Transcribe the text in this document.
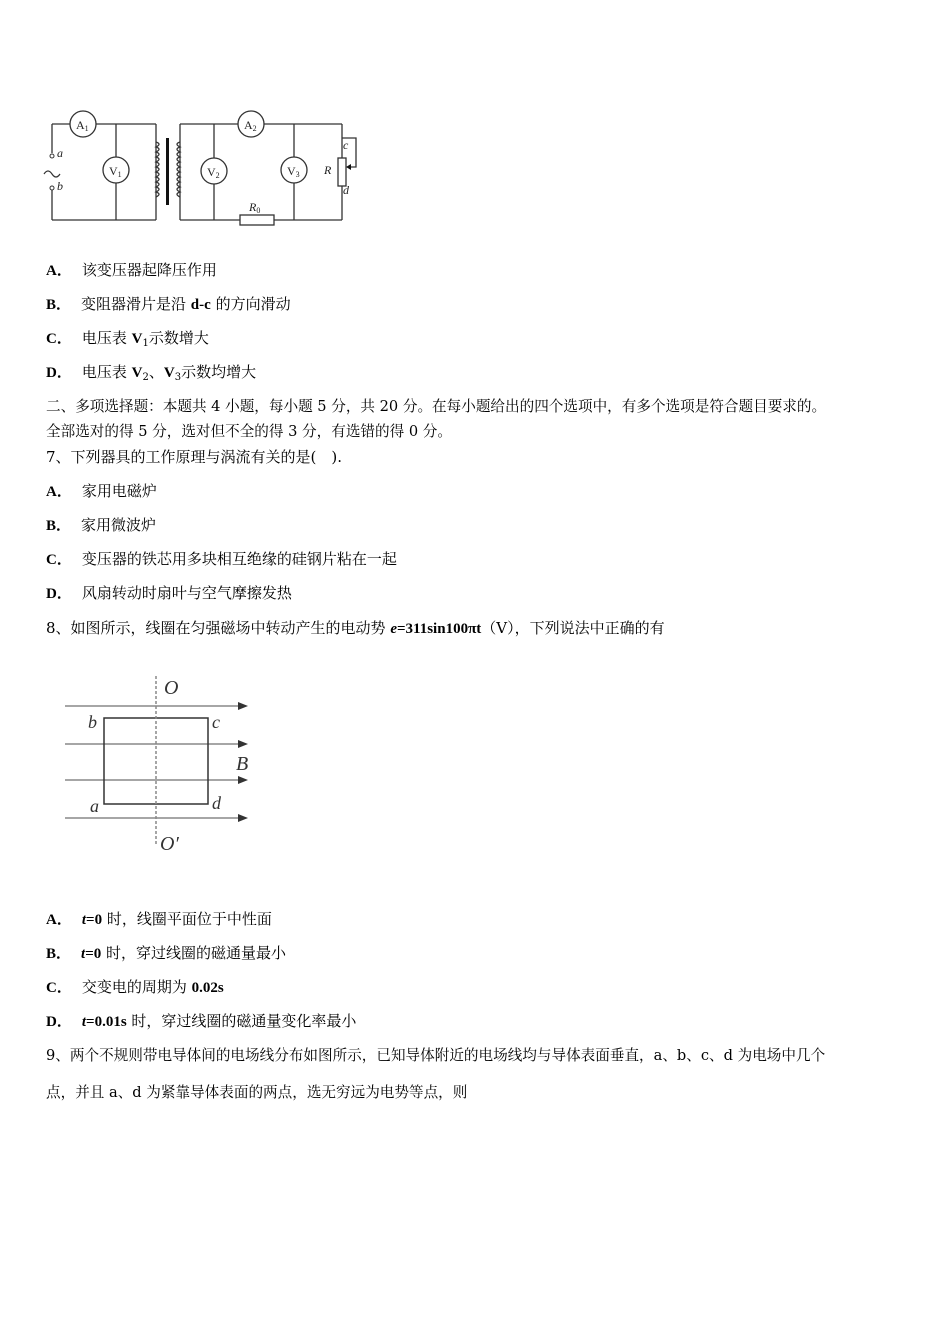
a
b
A1
V1
A2
V2	V3 R
c
d
R0
A． 该变压器起降压作用
B． 变阻器滑片是沿 d-c 的方向滑动
C． 电压表 $V_1$示数增大
D． 电压表 $V_2$、$V_3$示数均增大
二、多项选择题：本题共 4 小题，每小题 5 分，共 20 分。在每小题给出的四个选项中，有多个选项是符合题目要求的。
全部选对的得 5 分，选对但不全的得 3 分，有选错的得 0 分。
7、下列器具的工作原理与涡流有关的是(　).
A． 家用电磁炉
B． 家用微波炉
C． 变压器的铁芯用多块相互绝缘的硅钢片粘在一起
D． 风扇转动时扇叶与空气摩擦发热
8、如图所示，线圈在匀强磁场中转动产生的电动势 e=311sin100πt（V），下列说法中正确的有
O
O′
b	c
a	d
B
A． t=0 时，线圈平面位于中性面
B． t=0 时，穿过线圈的磁通量最小
C． 交变电的周期为 0.02s
D． t=0.01s 时，穿过线圈的磁通量变化率最小
9、两个不规则带电导体间的电场线分布如图所示，已知导体附近的电场线均与导体表面垂直，a、b、c、d 为电场中几个
点，并且 a、d 为紧靠导体表面的两点，选无穷远为电势等点，则
